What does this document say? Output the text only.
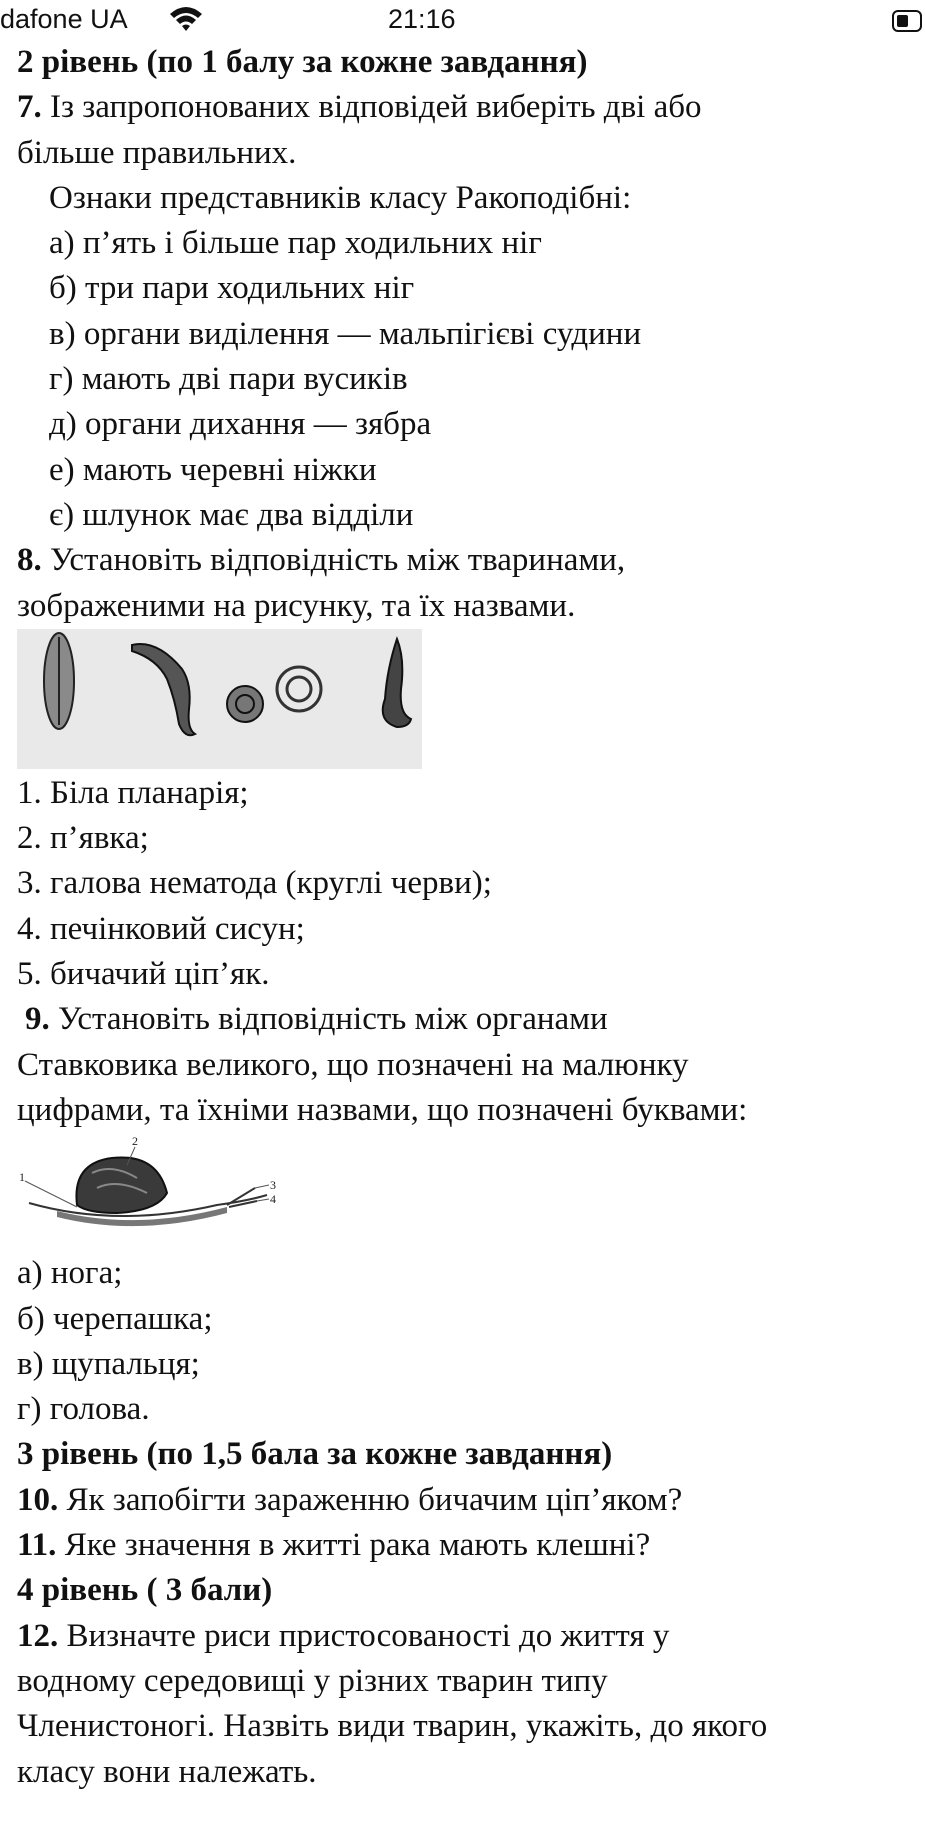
dafone UA	21:16
2 рівень (по 1 балу за кожне завдання)
7. Із запропонованих відповідей виберіть дві або
більше правильних.
Ознаки представників класу Ракоподібні:
а) п’ять і більше пар ходильних ніг
б) три пари ходильних ніг
в) органи виділення — мальпігієві судини
г) мають дві пари вусиків
д) органи дихання — зябра
е) мають черевні ніжки
є) шлунок має два відділи
8. Установіть відповідність між тваринами,
зображеними на рисунку, та їх назвами.
1. Біла планарія;
2. п’явка;
3. галова нематода (круглі черви);
4. печінковий сисун;
5. бичачий ціп’як.
9. Установіть відповідність між органами
Ставковика великого, що позначені на малюнку
цифрами, та їхніми назвами, що позначені буквами:
1
2
3
4
а) нога;
б) черепашка;
в) щупальця;
г) голова.
3 рівень (по 1,5 бала за кожне завдання)
10. Як запобігти зараженню бичачим ціп’яком?
11. Яке значення в житті рака мають клешні?
4 рівень ( 3 бали)
12. Визначте риси пристосованості до життя у
водному середовищі у різних тварин типу
Членистоногі. Назвіть види тварин, укажіть, до якого
класу вони належать.
